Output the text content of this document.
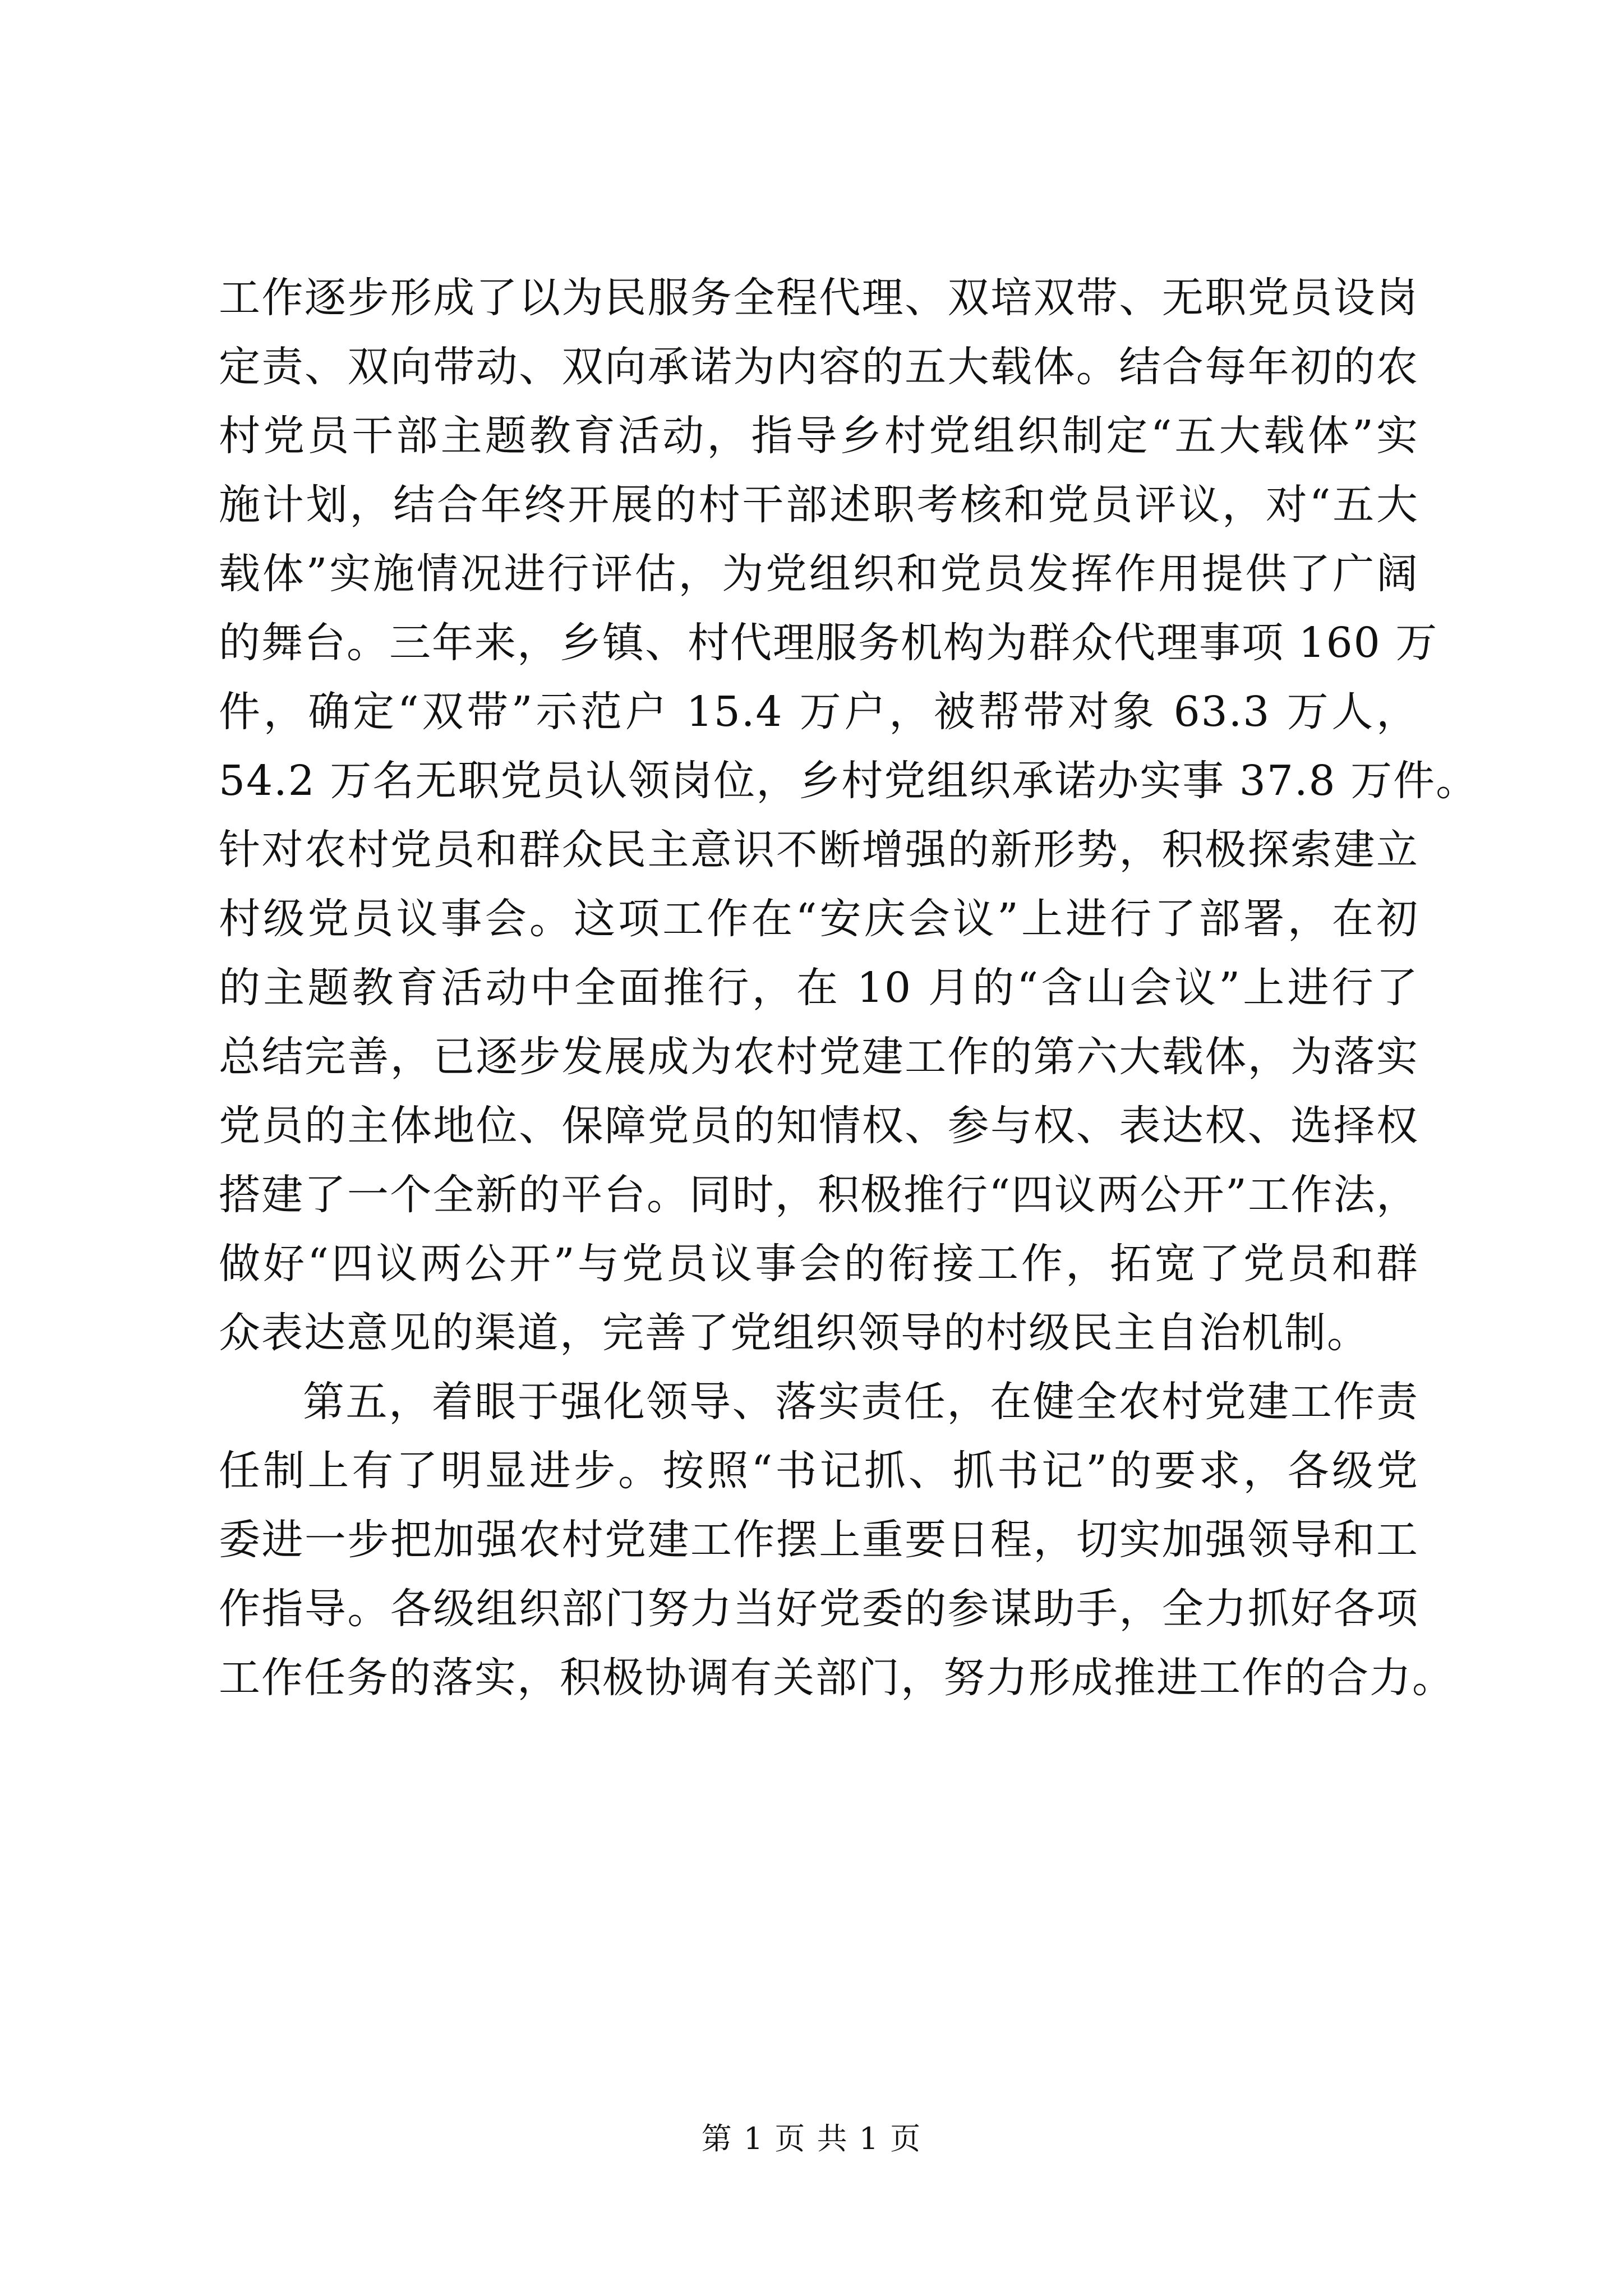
工作逐步形成了以为民服务全程代理、双培双带、无职党员设岗
定责、双向带动、双向承诺为内容的五大载体。结合每年初的农
村党员干部主题教育活动，指导乡村党组织制定“五大载体”实
施计划，结合年终开展的村干部述职考核和党员评议，对“五大
载体”实施情况进行评估，为党组织和党员发挥作用提供了广阔
的舞台。三年来，乡镇、村代理服务机构为群众代理事项 160 万
件，确定“双带”示范户 15.4 万户，被帮带对象 63.3 万人，
54.2 万名无职党员认领岗位，乡村党组织承诺办实事 37.8 万件。
针对农村党员和群众民主意识不断增强的新形势，积极探索建立
村级党员议事会。这项工作在“安庆会议”上进行了部署，在初
的主题教育活动中全面推行，在 10 月的“含山会议”上进行了
总结完善，已逐步发展成为农村党建工作的第六大载体，为落实
党员的主体地位、保障党员的知情权、参与权、表达权、选择权
搭建了一个全新的平台。同时，积极推行“四议两公开”工作法，
做好“四议两公开”与党员议事会的衔接工作，拓宽了党员和群
众表达意见的渠道，完善了党组织领导的村级民主自治机制。
第五，着眼于强化领导、落实责任，在健全农村党建工作责
任制上有了明显进步。按照“书记抓、抓书记”的要求，各级党
委进一步把加强农村党建工作摆上重要日程，切实加强领导和工
作指导。各级组织部门努力当好党委的参谋助手，全力抓好各项
工作任务的落实，积极协调有关部门，努力形成推进工作的合力。
第 1 页 共 1 页
